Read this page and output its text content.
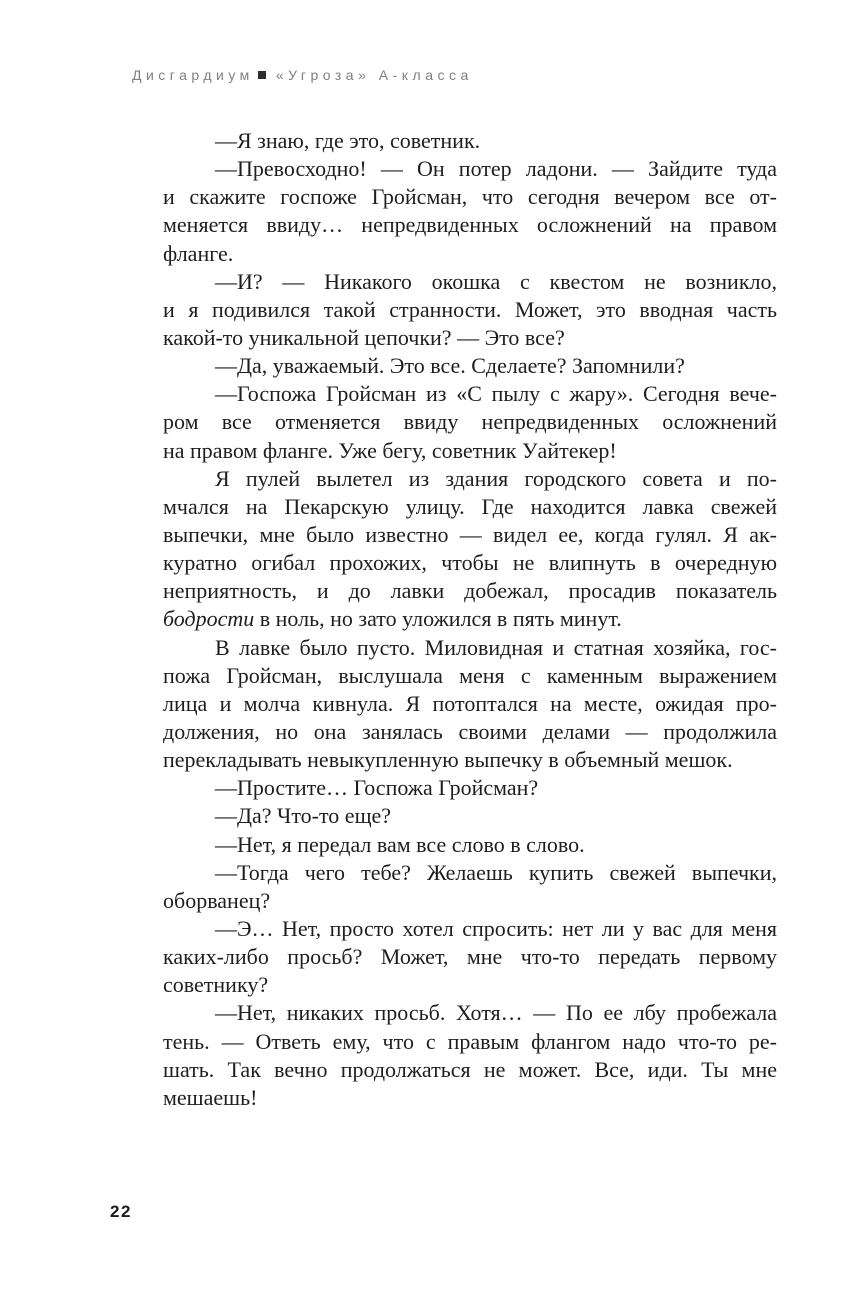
Дисгардиум «Угроза» А-класса
—Я знаю, где это, советник.
—Превосходно! — Он потер ладони. — Зайдите туда
и скажите госпоже Гройсман, что сегодня вечером все от-
меняется ввиду… непредвиденных осложнений на правом
фланге.
—И? — Никакого окошка с квестом не возникло,
и я подивился такой странности. Может, это вводная часть
какой-то уникальной цепочки? — Это все?
—Да, уважаемый. Это все. Сделаете? Запомнили?
—Госпожа Гройсман из «С пылу с жару». Сегодня вече-
ром все отменяется ввиду непредвиденных осложнений
на правом фланге. Уже бегу, советник Уайтекер!
Я пулей вылетел из здания городского совета и по-
мчался на Пекарскую улицу. Где находится лавка свежей
выпечки, мне было известно — видел ее, когда гулял. Я ак-
куратно огибал прохожих, чтобы не влипнуть в очередную
неприятность, и до лавки добежал, просадив показатель
бодрости в ноль, но зато уложился в пять минут.
В лавке было пусто. Миловидная и статная хозяйка, гос-
пожа Гройсман, выслушала меня с каменным выражением
лица и молча кивнула. Я потоптался на месте, ожидая про-
должения, но она занялась своими делами — продолжила
перекладывать невыкупленную выпечку в объемный мешок.
—Простите… Госпожа Гройсман?
—Да? Что-то еще?
—Нет, я передал вам все слово в слово.
—Тогда чего тебе? Желаешь купить свежей выпечки,
оборванец?
—Э… Нет, просто хотел спросить: нет ли у вас для меня
каких-либо просьб? Может, мне что-то передать первому
советнику?
—Нет, никаких просьб. Хотя… — По ее лбу пробежала
тень. — Ответь ему, что с правым флангом надо что-то ре-
шать. Так вечно продолжаться не может. Все, иди. Ты мне
мешаешь!
22
